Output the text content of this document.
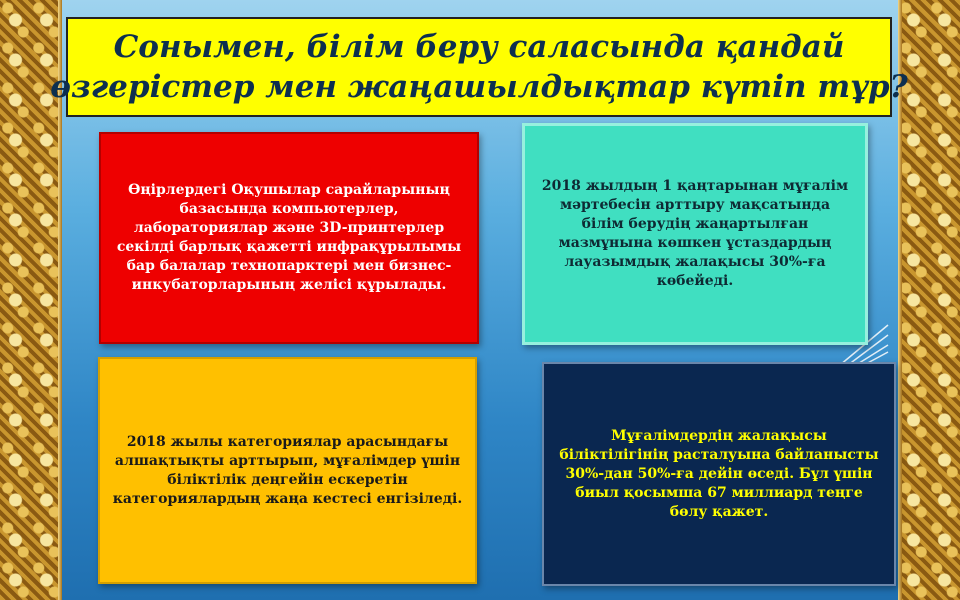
Сонымен, білім беру саласында қандай
өзгерістер мен жаңашылдықтар күтіп тұр?
Өңірлердегі Оқушылар сарайларының базасында компьютерлер, лабораториялар және 3D-принтерлер секілді барлық қажетті инфрақұрылымы бар балалар технопарктері мен бизнес-инкубаторларының желісі құрылады.
2018 жылдың 1 қаңтарынан мұғалім мәртебесін арттыру мақсатында білім берудің жаңартылған мазмұнына көшкен ұстаздардың лауазымдық жалақысы 30%-ға көбейеді.
2018 жылы категориялар арасындағы алшақтықты арттырып, мұғалімдер үшін біліктілік деңгейін ескеретін категориялардың жаңа кестесі енгізіледі.
Мұғалімдердің жалақысы біліктілігінің расталуына байланысты 30%-дан 50%-ға дейін өседі. Бұл үшін биыл қосымша 67 миллиард теңге бөлу қажет.
